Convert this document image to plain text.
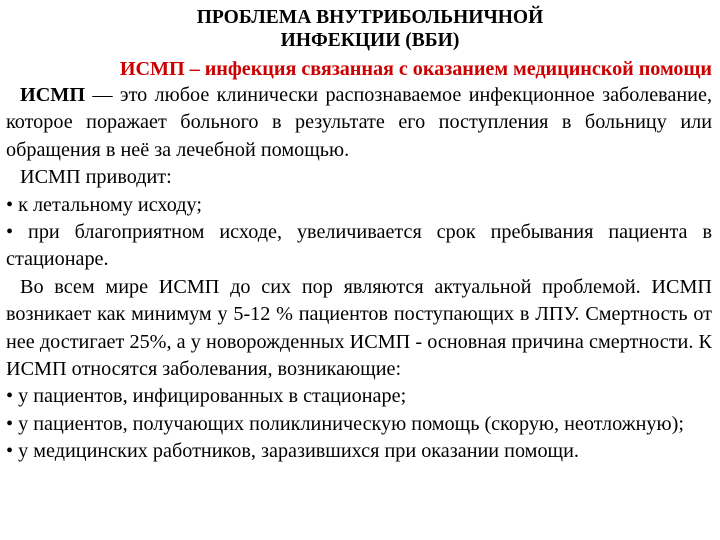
ПРОБЛЕМА ВНУТРИБОЛЬНИЧНОЙ
ИНФЕКЦИИ (ВБИ)
ИСМП – инфекция связанная с оказанием медицинской помощи

ИСМП — это любое клинически распознаваемое инфекционное заболевание, которое поражает больного в результате его поступления в больницу или обращения в неё за лечебной помощью.

ИСМП приводит:

• к летальному исходу;

• при благоприятном исходе, увеличивается срок пребывания пациента в стационаре.

Во всем мире ИСМП до сих пор являются актуальной проблемой. ИСМП возникает как минимум у 5-12 % пациентов поступающих в ЛПУ. Смертность от нее достигает 25%, а у новорожденных ИСМП - основная причина смертности. К ИСМП относятся заболевания, возникающие:

• у пациентов, инфицированных в стационаре;

• у пациентов, получающих поликлиническую помощь (скорую, неотложную);

• у медицинских работников, заразившихся при оказании помощи.
